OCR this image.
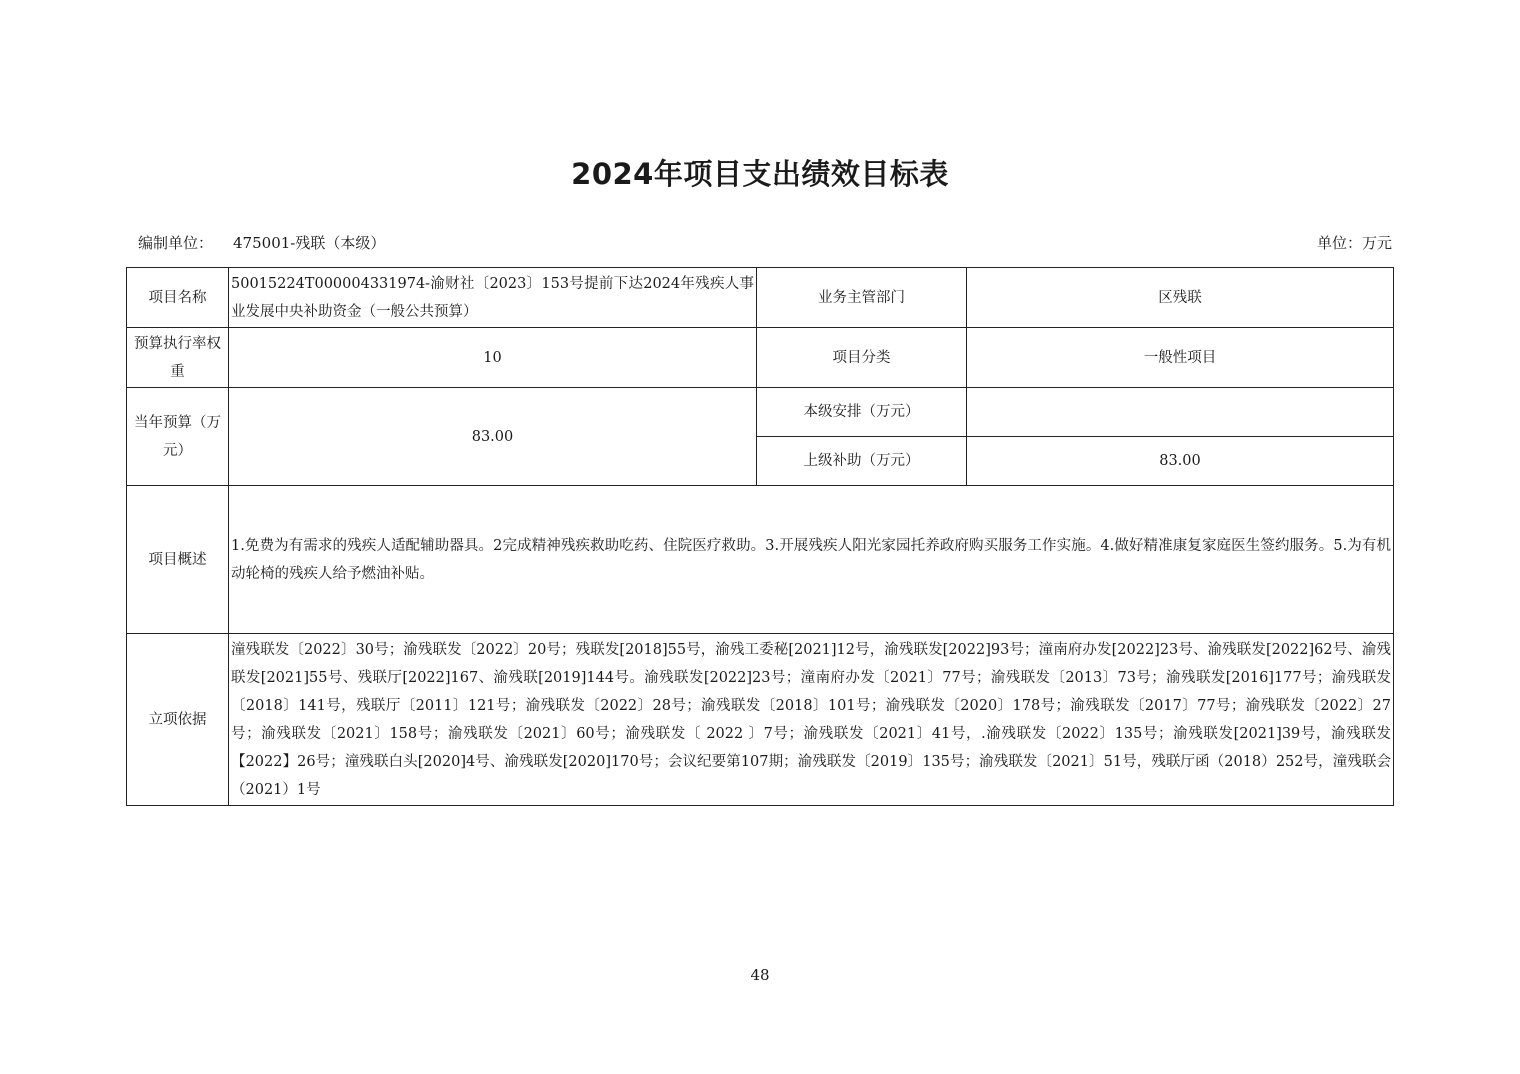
2024年项目支出绩效目标表
编制单位： 475001-残联（本级）	单位：万元
项目名称	50015224T000004331974-渝财社〔2023〕153号提前下达2024年残疾人事业发展中央补助资金（一般公共预算）	业务主管部门	区残联
预算执行率权重	10	项目分类	一般性项目
当年预算（万元）	83.00	本级安排（万元）	
		上级补助（万元）	83.00
项目概述	1.免费为有需求的残疾人适配辅助器具。2完成精神残疾救助吃药、住院医疗救助。3.开展残疾人阳光家园托养政府购买服务工作实施。4.做好精准康复家庭医生签约服务。5.为有机动轮椅的残疾人给予燃油补贴。		
立项依据	潼残联发〔2022〕30号；渝残联发〔2022〕20号；残联发[2018]55号，渝残工委秘[2021]12号，渝残联发[2022]93号；潼南府办发[2022]23号、渝残联发[2022]62号、渝残联发[2021]55号、残联厅[2022]167、渝残联[2019]144号。渝残联发[2022]23号；潼南府办发〔2021〕77号；渝残联发〔2013〕73号；渝残联发[2016]177号；渝残联发〔2018〕141号，残联厅〔2011〕121号；渝残联发〔2022〕28号；渝残联发〔2018〕101号；渝残联发〔2020〕178号；渝残联发〔2017〕77号；渝残联发〔2022〕27号；渝残联发〔2021〕158号；渝残联发〔2021〕60号；渝残联发〔 2022 〕7号；渝残联发〔2021〕41号，.渝残联发〔2022〕135号；渝残联发[2021]39号，渝残联发【2022】26号；潼残联白头[2020]4号、渝残联发[2020]170号；会议纪要第107期；渝残联发〔2019〕135号；渝残联发〔2021〕51号，残联厅函（2018）252号，潼残联会（2021）1号		
48
